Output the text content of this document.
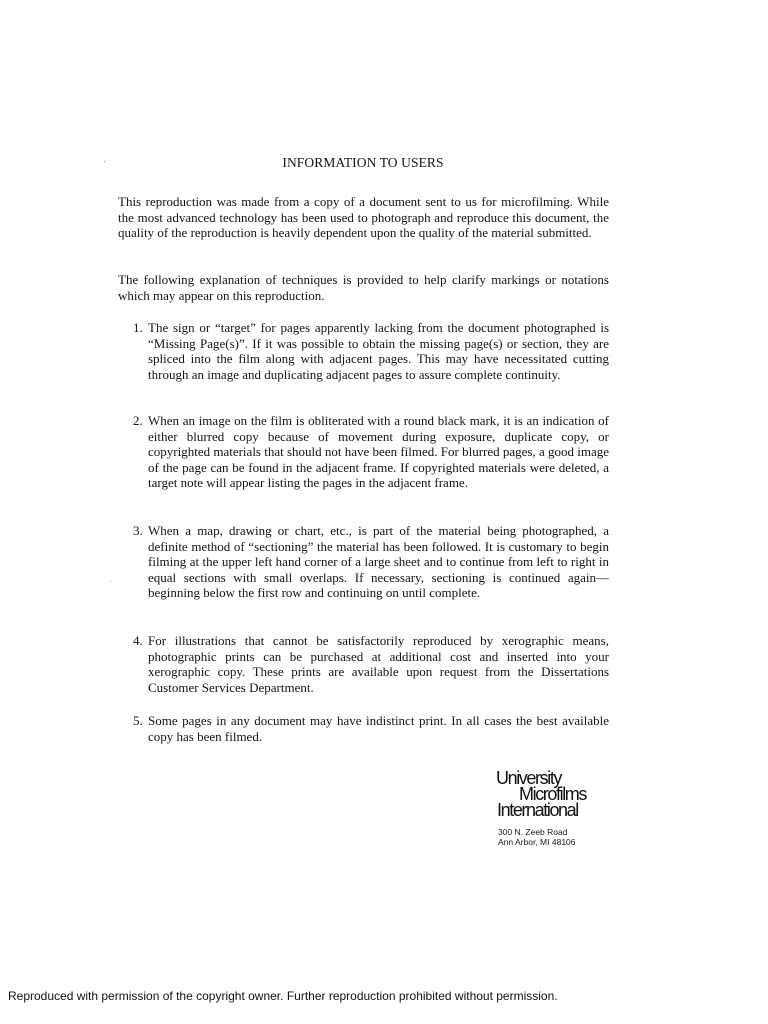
INFORMATION TO USERS

This reproduction was made from a copy of a document sent to us for microfilming. While the most advanced technology has been used to photograph and reproduce this document, the quality of the reproduction is heavily dependent upon the quality of the material submitted.

The following explanation of techniques is provided to help clarify markings or notations which may appear on this reproduction.

1. The sign or “target” for pages apparently lacking from the document photographed is “Missing Page(s)”. If it was possible to obtain the missing page(s) or section, they are spliced into the film along with adjacent pages. This may have necessitated cutting through an image and duplicating adjacent pages to assure complete continuity.
2. When an image on the film is obliterated with a round black mark, it is an indication of either blurred copy because of movement during exposure, duplicate copy, or copyrighted materials that should not have been filmed. For blurred pages, a good image of the page can be found in the adjacent frame. If copyrighted materials were deleted, a target note will appear listing the pages in the adjacent frame.
3. When a map, drawing or chart, etc., is part of the material being photographed, a definite method of “sectioning” the material has been followed. It is customary to begin filming at the upper left hand corner of a large sheet and to continue from left to right in equal sections with small overlaps. If necessary, sectioning is continued again—beginning below the first row and continuing on until complete.
4. For illustrations that cannot be satisfactorily reproduced by xerographic means, photographic prints can be purchased at additional cost and inserted into your xerographic copy. These prints are available upon request from the Dissertations Customer Services Department.
5. Some pages in any document may have indistinct print. In all cases the best available copy has been filmed.
University
Microfilms
International
300 N. Zeeb Road
Ann Arbor, MI 48106
Reproduced with permission of the copyright owner. Further reproduction prohibited without permission.
